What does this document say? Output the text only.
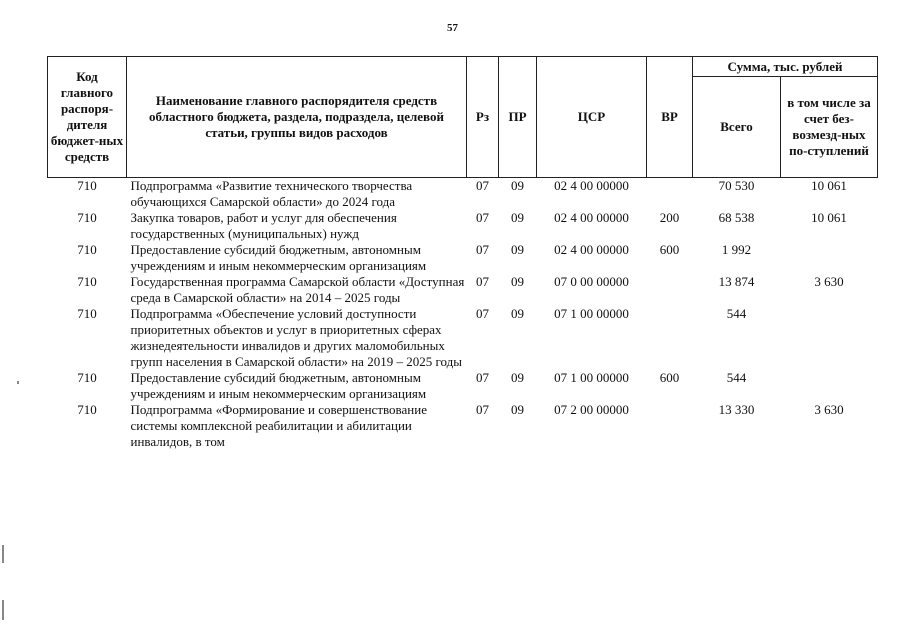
57
Код главного распоря-дителя бюджет-ных средств	Наименование главного распорядителя средств областного бюджета, раздела, подраздела, целевой статьи, группы видов расходов	Рз	ПР	ЦСР	ВР	Сумма, тыс. рублей	
						Всего	в том числе за счет без-возмезд-ных по-ступлений
710	Подпрограмма «Развитие технического творчества обучающихся Самарской области» до 2024 года	07	09	02 4 00 00000		70 530	10 061
710	Закупка товаров, работ и услуг для обеспечения государственных (муниципальных) нужд	07	09	02 4 00 00000	200	68 538	10 061
710	Предоставление субсидий бюджетным, автономным учреждениям и иным некоммерческим организациям	07	09	02 4 00 00000	600	1 992	
710	Государственная программа Самарской области «Доступная среда в Самарской области» на 2014 – 2025 годы	07	09	07 0 00 00000		13 874	3 630
710	Подпрограмма «Обеспечение условий доступности приоритетных объектов и услуг в приоритетных сферах жизнедеятельности инвалидов и других маломобильных групп населения в Самарской области» на 2019 – 2025 годы	07	09	07 1 00 00000		544	
710	Предоставление субсидий бюджетным, автономным учреждениям и иным некоммерческим организациям	07	09	07 1 00 00000	600	544	
710	Подпрограмма «Формирование и совершенствование системы комплексной реабилитации и абилитации инвалидов, в том	07	09	07 2 00 00000		13 330	3 630
